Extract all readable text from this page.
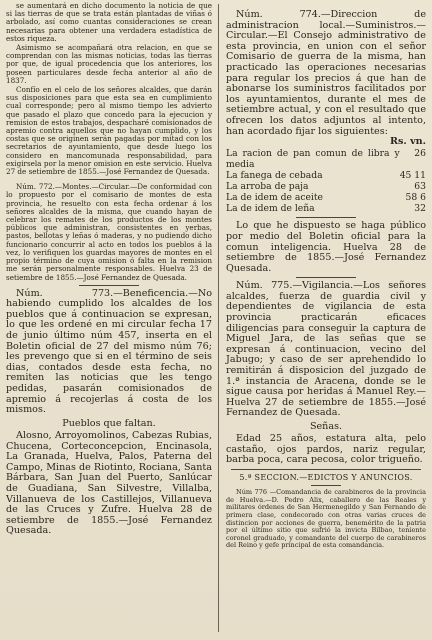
se aumentará en dicho documento la noticia de que si las tierras de que se trata están plantadas de viñas ó arbolado, así como cuantas consideraciones se crean necesarias para obtener una verdadera estadística de estos riqueza.

Asimismo se acompañará otra relacion, en que se comprendan con las mismas noticias, todas las tierras por que, de igual procedencia que los anteriores, los poseen particulares desde fecha anterior al año de 1837.

Confío en el celo de los señores alcaldes, que darán sus disposiciones para que esta sea en cumplimiento cual corresponde; pero al mismo tiempo les advierto que pasado el plazo que concedo para la ejecucion y remision de estos trabajos, despacharé comisionados de apremio contra aquellos que no hayan cumplido, y los costas que se originen serán pagadas por mitad con los secretarios de ayuntamiento, que desde luego los considero en mancomunada responsabilidad, para exigirsela por la menor omision en este servicio. Huelva 27 de setiembre de 1855.—José Fernandez de Quesada.

Núm. 772.—Montes.—Circular.—De conformidad con lo propuesto por el comisario de montes de esta provincia, he resuelto con esta fecha ordenar á los señores alcaldes de la misma, que cuando hayan de celebrar los remates de los productos de los montes públicos que administran, consistentes en yerbas, pastos, bellotas y leñas ó maderas, y no pudiendo dicho funcionario concurrir al acto en todos los pueblos á la vez, lo verifiquen los guardas mayores de montes en el propio término de cuya omision ó falta en la remision me serán personalmente responsables. Huelva 23 de setiembre de 1855.—José Fernandez de Quesada.

Núm. 773.—Beneficencia.—No habiendo cumplido los alcaldes de los pueblos que á continuacion se expresan, lo que les ordené en mi circular fecha 17 de junio último núm 457, inserta en el Boletin oficial de 27 del mismo núm 76; les prevengo que si en el término de seis dias, contados desde esta fecha, no remiten las noticias que les tengo pedidas, pasarán comisionados de apremio á recojerlas á costa de los mismos.

Pueblos que faltan.

Alosno, Arroyomolinos, Cabezas Rubias, Chucena, Corteconcepcion, Encinasola, La Granada, Huelva, Palos, Paterna del Campo, Minas de Riotinto, Rociana, Santa Bárbara, San Juan del Puerto, Sanlúcar de Guadiana, San Silvestre, Villalba, Villanueva de los Castillejos, Villanueva de las Cruces y Zufre. Huelva 28 de setiembre de 1855.—José Fernandez Quesada.

Núm. 774.—Direccion de administracion local.—Suministros.—Circular.—El Consejo administrativo de esta provincia, en union con el señor Comisario de guerra de la misma, han practicado las operaciones necesarias para regular los precios á que han de abonarse los suministros facilitados por los ayuntamientos, durante el mes de setiembre actual, y con el resultado que ofrecen los datos adjuntos al intento, han acordado fijar los siguientes:

Rs. vn.
La racion de pan comun de libra y media	26
La fanega de cebada	45 11
La arroba de paja	63
La de idem de aceite	58 6
La de idem de leña	32

Lo que he dispuesto se haga público por medio del Boletin oficial para la comun inteligencia. Huelva 28 de setiembre de 1855.—José Fernandez Quesada.

Núm. 775.—Vigilancia.—Los señores alcaldes, fuerza de guardia civil y dependientes de vigilancia de esta provincia practicarán eficaces diligencias para conseguir la captura de Miguel Jara, de las señas que se expresan á continuacion, vecino del Jabugo; y caso de ser aprehendido lo remitirán á disposicion del juzgado de 1.ª instancia de Aracena, donde se le sigue causa por heridas á Manuel Rey.—Huelva 27 de setiembre de 1855.—José Fernandez de Quesada.

Señas.

Edad 25 años, estatura alta, pelo castaño, ojos pardos, nariz regular, barba poca, cara pecosa, color trigueño.

5.ª SECCION.—EDICTOS Y ANUNCIOS.

Núm 776 —Comandancia de carabineros de la provincia de Huelva.—D. Pedro Alix, caballero de las Reales y militares órdenes de San Hermenegildo y San Fernando de primera clase, condecorado con otras varias cruces de distincion por acciones de guerra, benemérito de la patria por el último sitio que sufrió la invicta Bilbao, teniente coronel graduado, y comandante del cuerpo de carabineros del Reino y gefe principal de esta comandancia.
